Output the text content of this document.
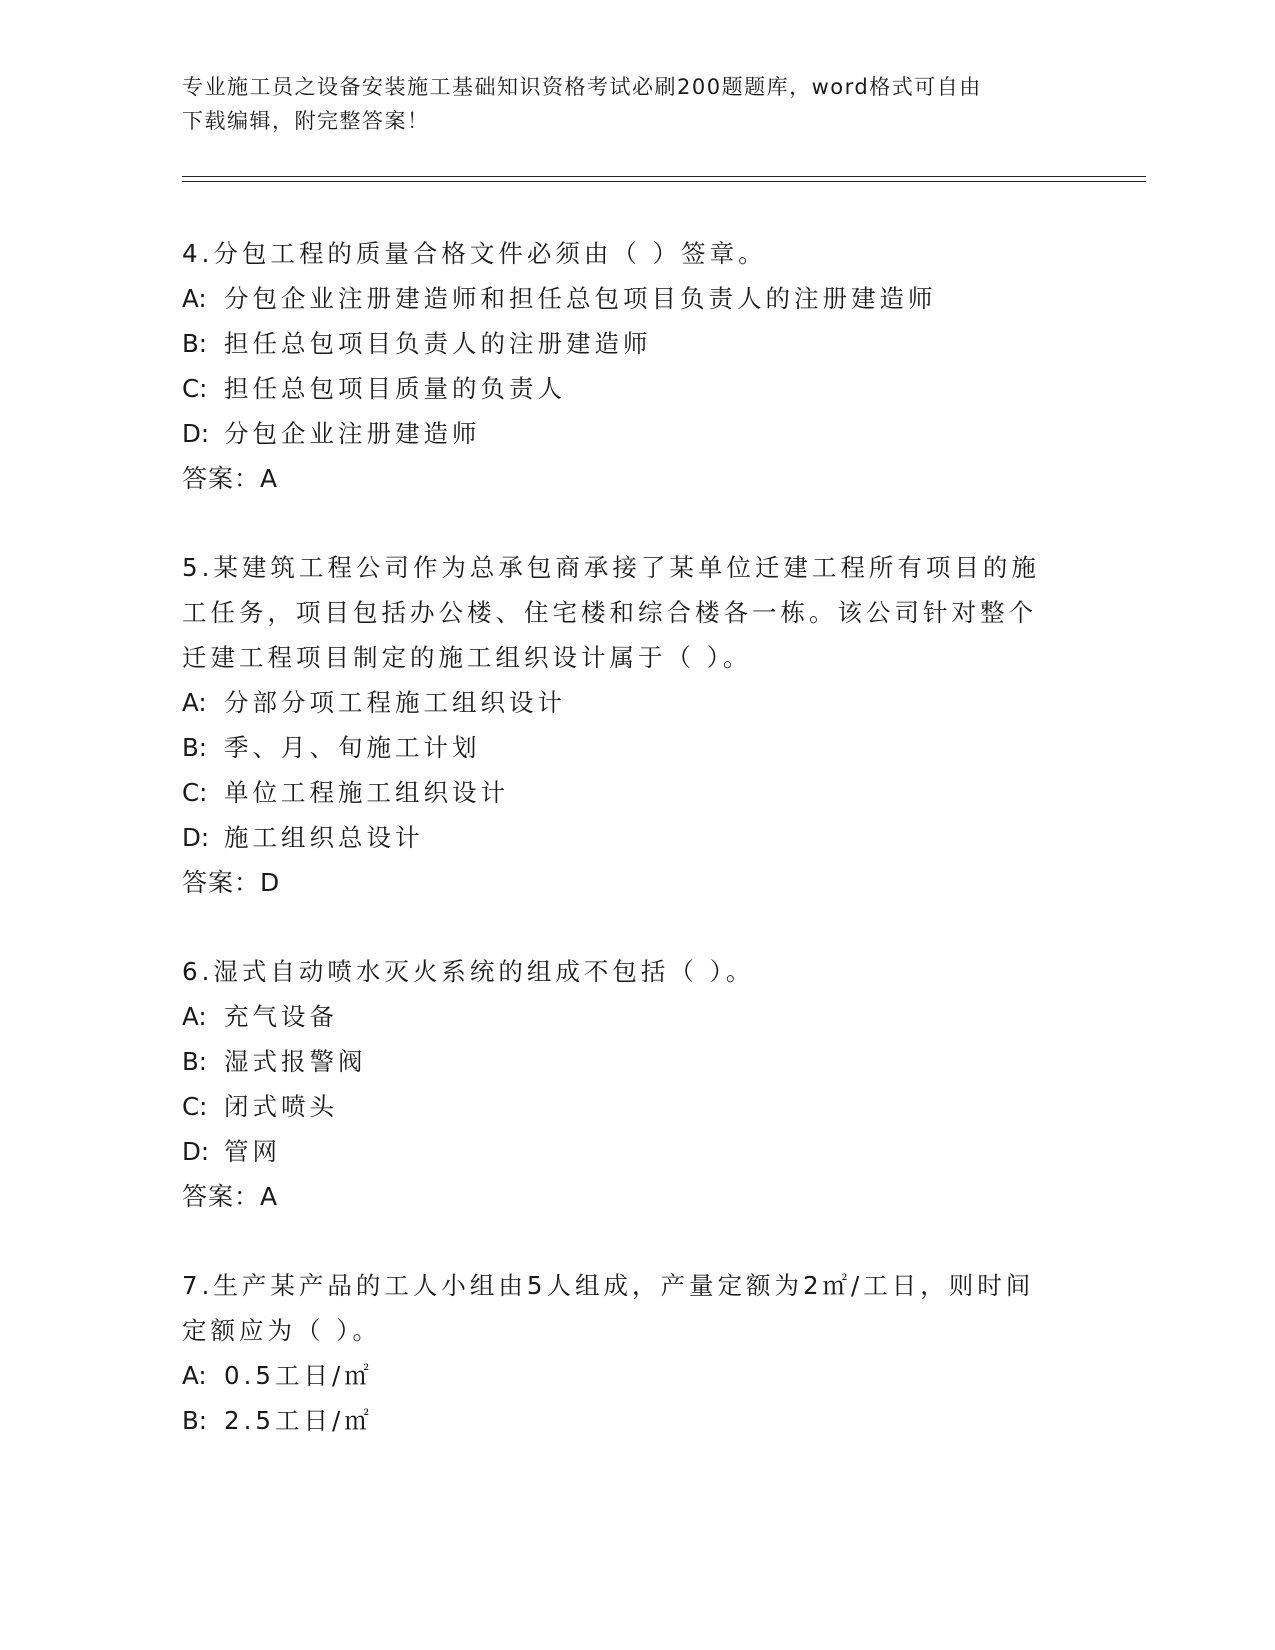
专业施工员之设备安装施工基础知识资格考试必刷200题题库，word格式可自由
下载编辑，附完整答案！
4.分包工程的质量合格文件必须由（ ）签章。
A: 分包企业注册建造师和担任总包项目负责人的注册建造师
B: 担任总包项目负责人的注册建造师
C: 担任总包项目质量的负责人
D: 分包企业注册建造师
答案：A
5.某建筑工程公司作为总承包商承接了某单位迁建工程所有项目的施
工任务，项目包括办公楼、住宅楼和综合楼各一栋。该公司针对整个
迁建工程项目制定的施工组织设计属于（ ）。
A: 分部分项工程施工组织设计
B: 季、月、旬施工计划
C: 单位工程施工组织设计
D: 施工组织总设计
答案：D
6.湿式自动喷水灭火系统的组成不包括（ ）。
A: 充气设备
B: 湿式报警阀
C: 闭式喷头
D: 管网
答案：A
7.生产某产品的工人小组由5人组成，产量定额为2㎡/工日，则时间
定额应为（ ）。
A: 0.5工日/㎡
B: 2.5工日/㎡
